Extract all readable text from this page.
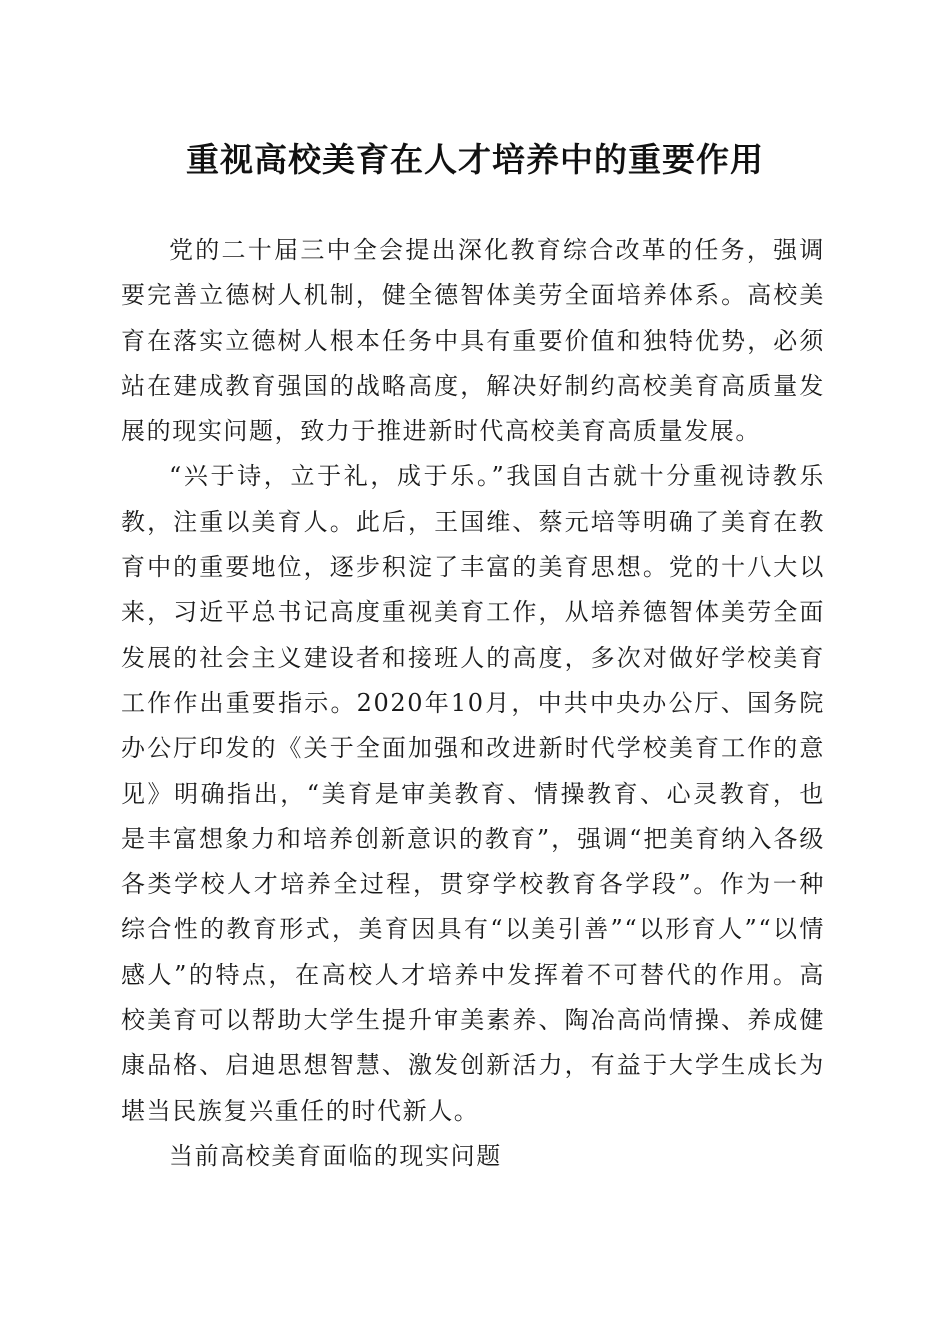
重视高校美育在人才培养中的重要作用

党的二十届三中全会提出深化教育综合改革的任务，强调要完善立德树人机制，健全德智体美劳全面培养体系。高校美育在落实立德树人根本任务中具有重要价值和独特优势，必须站在建成教育强国的战略高度，解决好制约高校美育高质量发展的现实问题，致力于推进新时代高校美育高质量发展。

“兴于诗，立于礼，成于乐。”我国自古就十分重视诗教乐教，注重以美育人。此后，王国维、蔡元培等明确了美育在教育中的重要地位，逐步积淀了丰富的美育思想。党的十八大以来，习近平总书记高度重视美育工作，从培养德智体美劳全面发展的社会主义建设者和接班人的高度，多次对做好学校美育工作作出重要指示。2020年10月，中共中央办公厅、国务院办公厅印发的《关于全面加强和改进新时代学校美育工作的意见》明确指出，“美育是审美教育、情操教育、心灵教育，也是丰富想象力和培养创新意识的教育”，强调“把美育纳入各级各类学校人才培养全过程，贯穿学校教育各学段”。作为一种综合性的教育形式，美育因具有“以美引善”“以形育人”“以情感人”的特点，在高校人才培养中发挥着不可替代的作用。高校美育可以帮助大学生提升审美素养、陶冶高尚情操、养成健康品格、启迪思想智慧、激发创新活力，有益于大学生成长为堪当民族复兴重任的时代新人。

当前高校美育面临的现实问题
